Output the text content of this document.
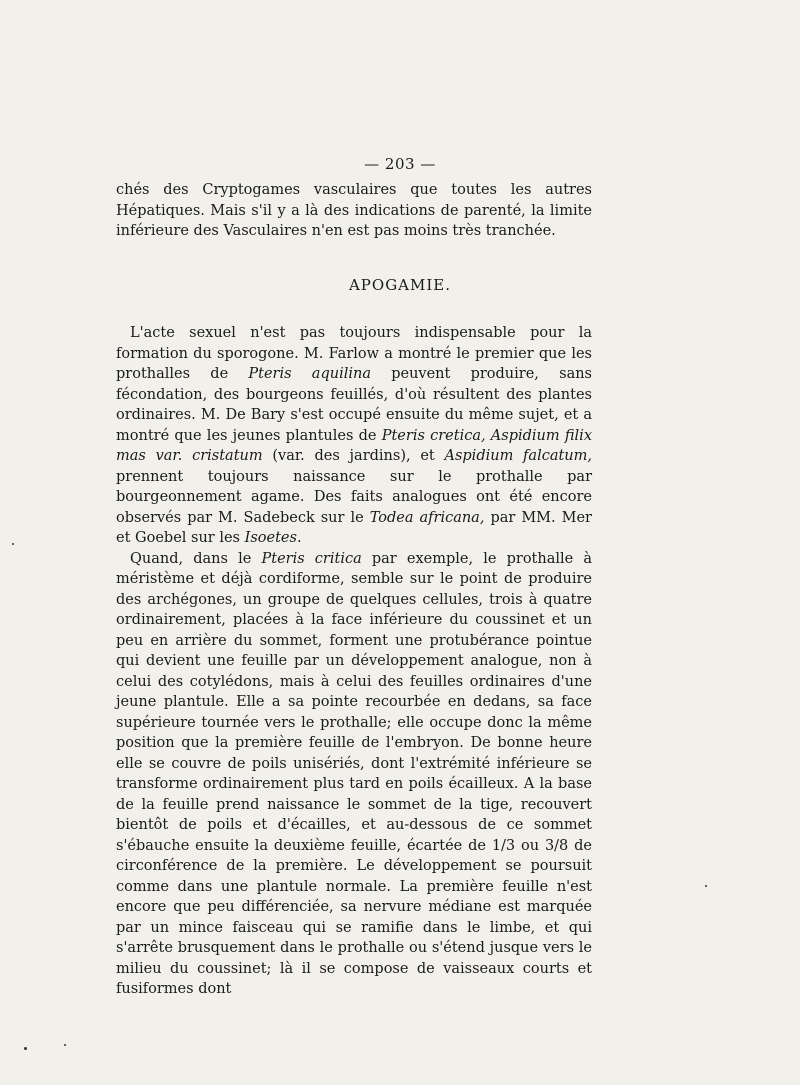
— 203 —

chés des Cryptogames vasculaires que toutes les autres Hépatiques. Mais s'il y a là des indications de parenté, la limite inférieure des Vasculaires n'en est pas moins très tranchée.

APOGAMIE.

L'acte sexuel n'est pas toujours indispensable pour la formation du sporogone. M. Farlow a montré le premier que les prothalles de Pteris aquilina peuvent produire, sans fécondation, des bourgeons feuillés, d'où résultent des plantes ordinaires. M. De Bary s'est occupé ensuite du même sujet, et a montré que les jeunes plantules de Pteris cretica, Aspidium filix mas var. cristatum (var. des jardins), et Aspidium falcatum, prennent toujours naissance sur le prothalle par bourgeonnement agame. Des faits analogues ont été encore observés par M. Sadebeck sur le Todea africana, par MM. Mer et Goebel sur les Isoetes.

Quand, dans le Pteris critica par exemple, le prothalle à méristème et déjà cordiforme, semble sur le point de produire des archégones, un groupe de quelques cellules, trois à quatre ordinairement, placées à la face inférieure du coussinet et un peu en arrière du sommet, forment une protubérance pointue qui devient une feuille par un développement analogue, non à celui des cotylédons, mais à celui des feuilles ordinaires d'une jeune plantule. Elle a sa pointe recourbée en dedans, sa face supérieure tournée vers le prothalle; elle occupe donc la même position que la première feuille de l'embryon. De bonne heure elle se couvre de poils unisériés, dont l'extrémité inférieure se transforme ordinairement plus tard en poils écailleux. A la base de la feuille prend naissance le sommet de la tige, recouvert bientôt de poils et d'écailles, et au-dessous de ce sommet s'ébauche ensuite la deuxième feuille, écartée de 1/3 ou 3/8 de circonférence de la première. Le développement se poursuit comme dans une plantule normale. La première feuille n'est encore que peu différenciée, sa nervure médiane est marquée par un mince faisceau qui se ramifie dans le limbe, et qui s'arrête brusquement dans le prothalle ou s'étend jusque vers le milieu du coussinet; là il se compose de vaisseaux courts et fusiformes dont
